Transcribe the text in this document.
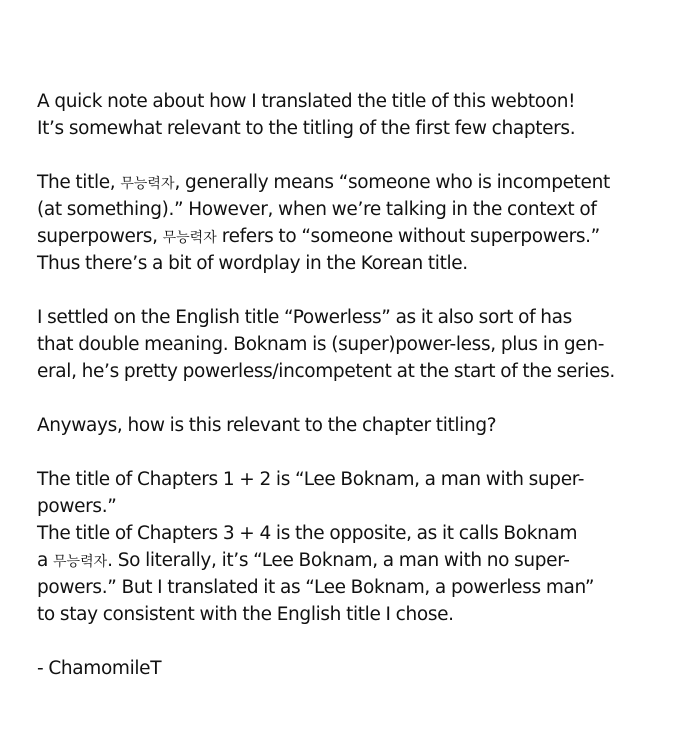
A quick note about how I translated the title of this webtoon!
It’s somewhat relevant to the titling of the first few chapters.
The title, 무능력자, generally means “someone who is incompetent
(at something).” However, when we’re talking in the context of
superpowers, 무능력자 refers to “someone without superpowers.”
Thus there’s a bit of wordplay in the Korean title.
I settled on the English title “Powerless” as it also sort of has
that double meaning. Boknam is (super)power-less, plus in gen-
eral, he’s pretty powerless/incompetent at the start of the series.
Anyways, how is this relevant to the chapter titling?
The title of Chapters 1 + 2 is “Lee Boknam, a man with super-
powers.”
The title of Chapters 3 + 4 is the opposite, as it calls Boknam
a 무능력자. So literally, it’s “Lee Boknam, a man with no super-
powers.” But I translated it as “Lee Boknam, a powerless man”
to stay consistent with the English title I chose.
- ChamomileT
